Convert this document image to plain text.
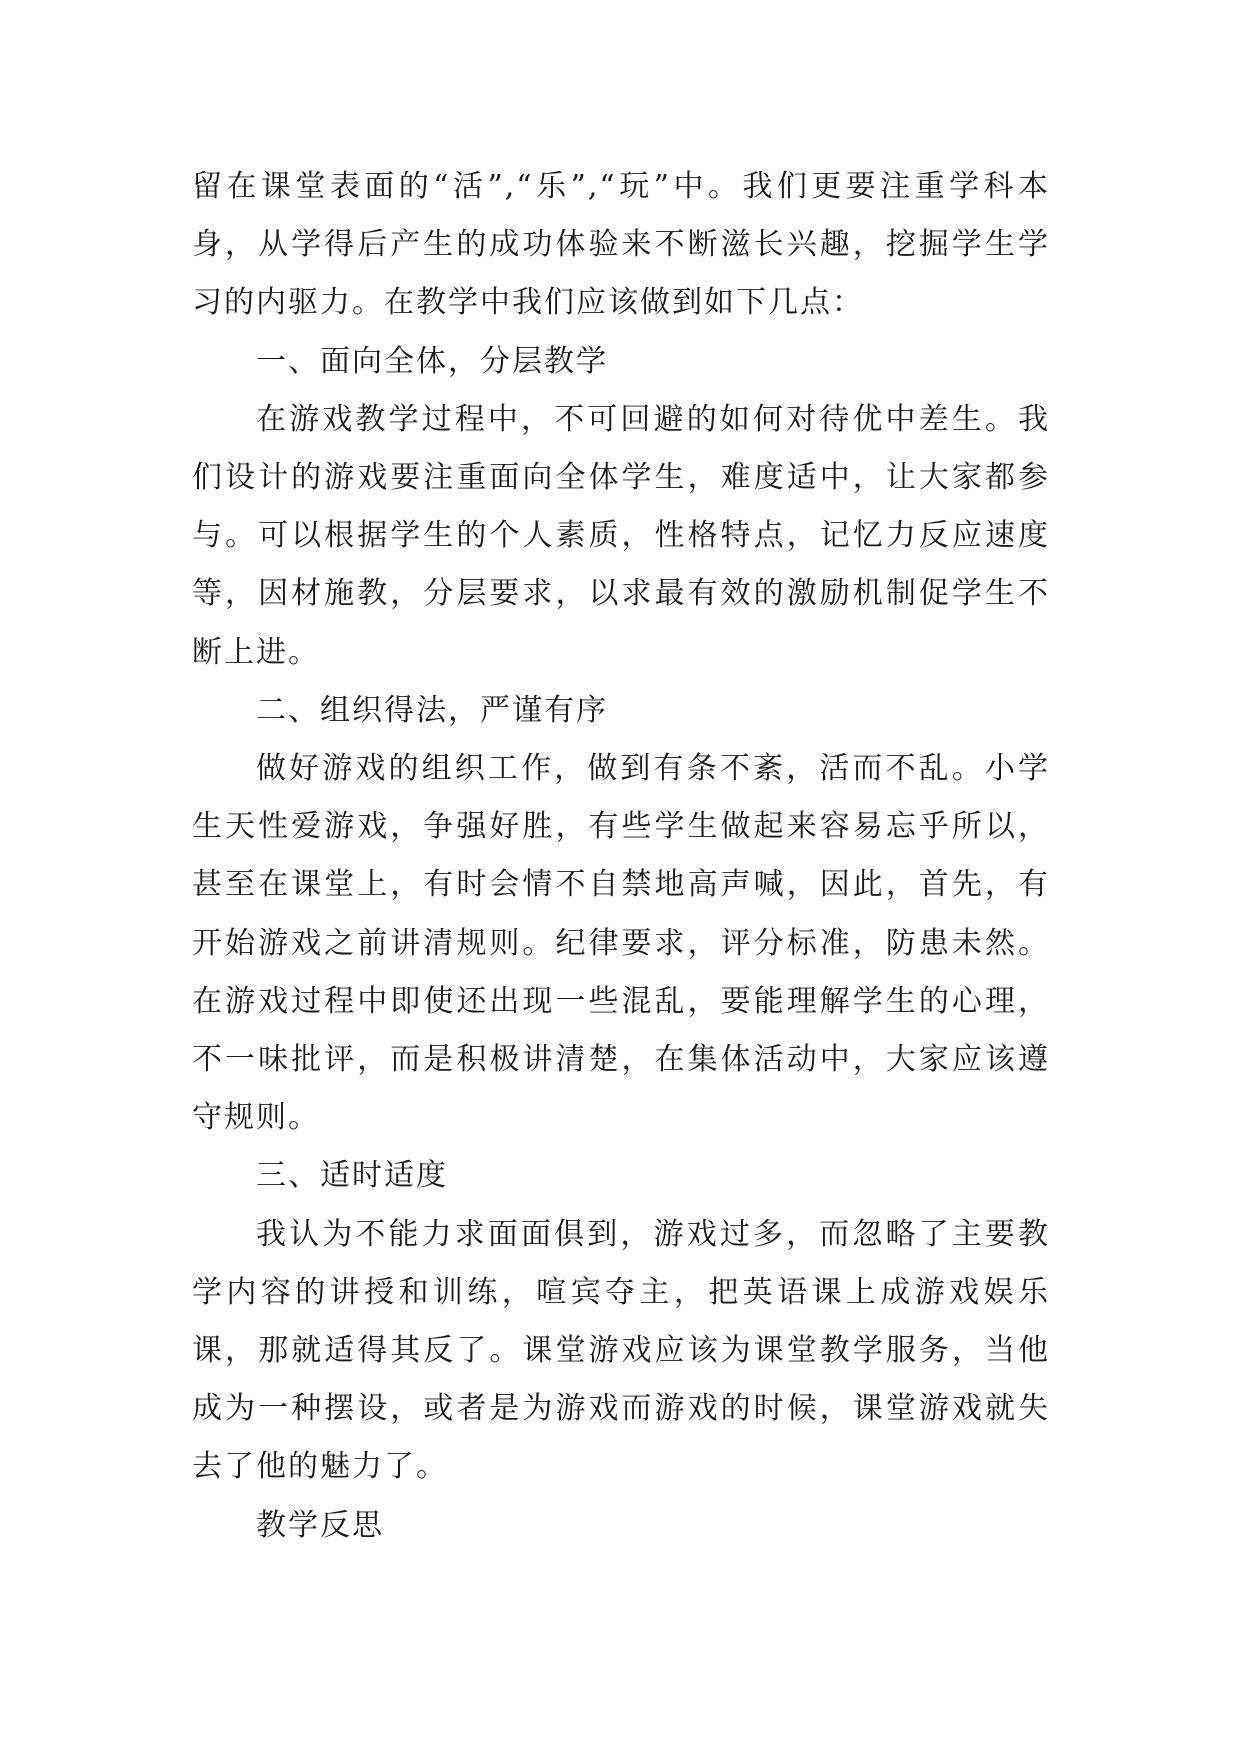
留在课堂表面的“活”,“乐”,“玩”中。我们更要注重学科本身，从学得后产生的成功体验来不断滋长兴趣，挖掘学生学习的内驱力。在教学中我们应该做到如下几点：

一、面向全体，分层教学

在游戏教学过程中，不可回避的如何对待优中差生。我们设计的游戏要注重面向全体学生，难度适中，让大家都参与。可以根据学生的个人素质，性格特点，记忆力反应速度等，因材施教，分层要求，以求最有效的激励机制促学生不断上进。

二、组织得法，严谨有序

做好游戏的组织工作，做到有条不紊，活而不乱。小学生天性爱游戏，争强好胜，有些学生做起来容易忘乎所以，甚至在课堂上，有时会情不自禁地高声喊，因此，首先，有开始游戏之前讲清规则。纪律要求，评分标准，防患未然。在游戏过程中即使还出现一些混乱，要能理解学生的心理，不一味批评，而是积极讲清楚，在集体活动中，大家应该遵守规则。

三、适时适度

我认为不能力求面面俱到，游戏过多，而忽略了主要教学内容的讲授和训练，喧宾夺主，把英语课上成游戏娱乐课，那就适得其反了。课堂游戏应该为课堂教学服务，当他成为一种摆设，或者是为游戏而游戏的时候，课堂游戏就失去了他的魅力了。

教学反思
